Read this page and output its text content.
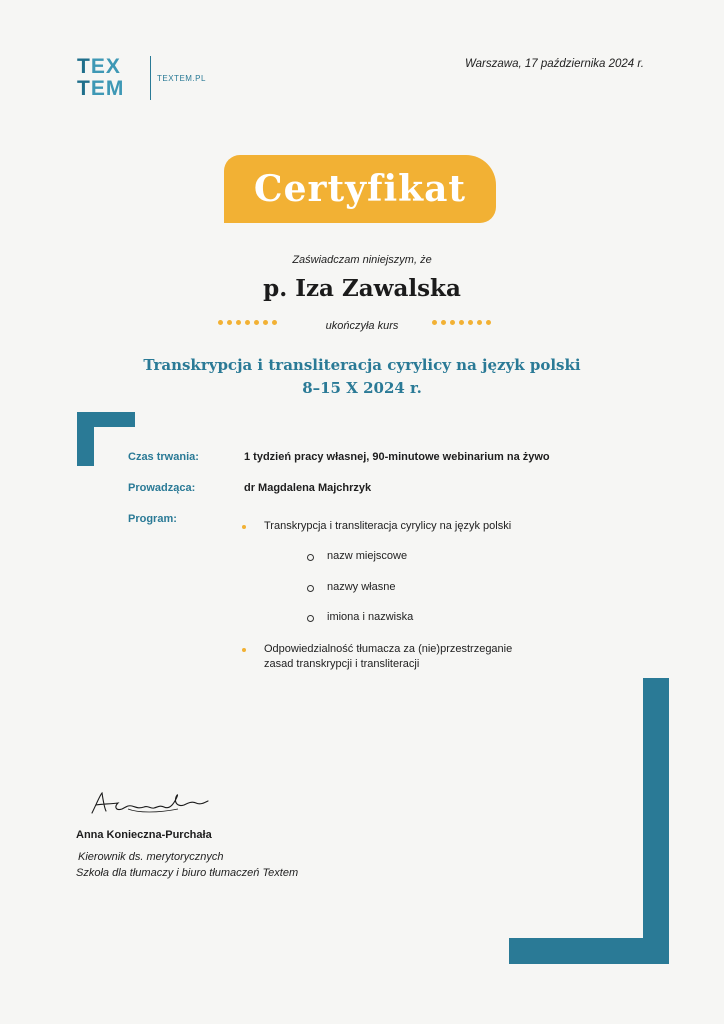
TEX
TEM	TEXTEM.PL
Warszawa, 17 października 2024 r.
Certyfikat
Zaświadczam niniejszym, że
p. Iza Zawalska
ukończyła kurs
Transkrypcja i transliteracja cyrylicy na język polski
8–15 X 2024 r.
Czas trwania:	1 tydzień pracy własnej, 90-minutowe webinarium na żywo
Prowadząca:	dr Magdalena Majchrzyk
Program:
Transkrypcja i transliteracja cyrylicy na język polski
nazw miejscowe
nazwy własne
imiona i nazwiska
Odpowiedzialność tłumacza za (nie)przestrzeganie
zasad transkrypcji i transliteracji
Anna Konieczna-Purchała
Kierownik ds. merytorycznych
Szkoła dla tłumaczy i biuro tłumaczeń Textem
